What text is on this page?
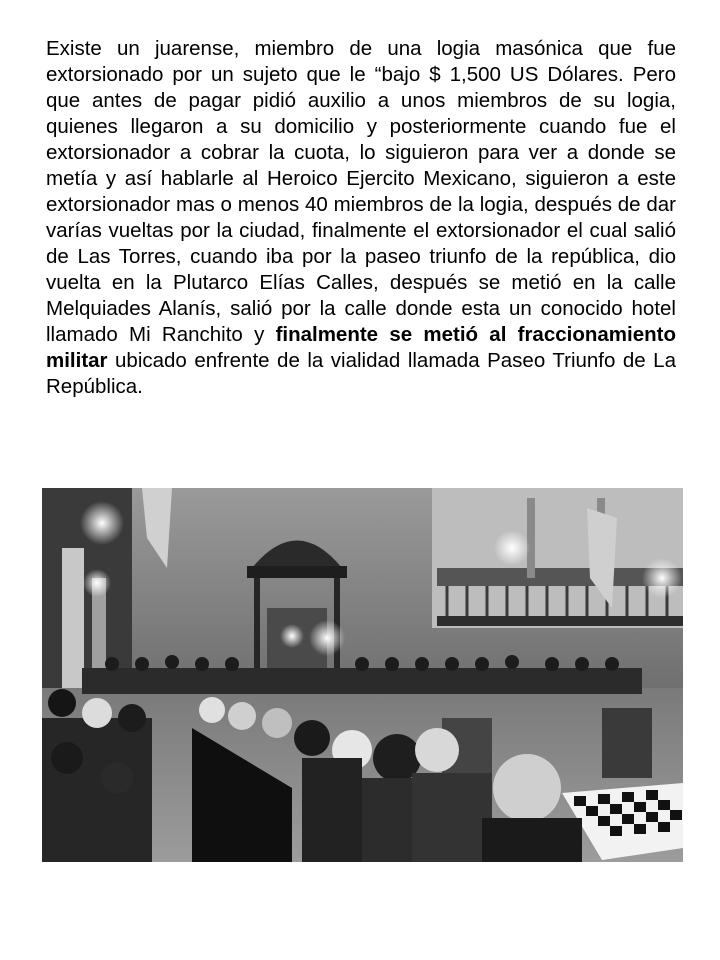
Existe un juarense, miembro de una logia masónica que fue extorsionado por un sujeto que le “bajo $ 1,500 US Dólares. Pero que antes de pagar pidió auxilio a unos miembros de su logia, quienes llegaron a su domicilio y posteriormente cuando fue el extorsionador a cobrar la cuota, lo siguieron para ver a donde se metía y así hablarle al Heroico Ejercito Mexicano, siguieron a este extorsionador mas o menos 40 miembros de la logia, después de dar varías vueltas por la ciudad, finalmente el extorsionador el cual salió de Las Torres, cuando iba por la paseo triunfo de la república, dio vuelta en la Plutarco Elías Calles, después se metió en la calle Melquiades Alanís, salió por la calle donde esta un conocido hotel llamado Mi Ranchito y finalmente se metió al fraccionamiento militar ubicado enfrente de la vialidad llamada Paseo Triunfo de La República.
